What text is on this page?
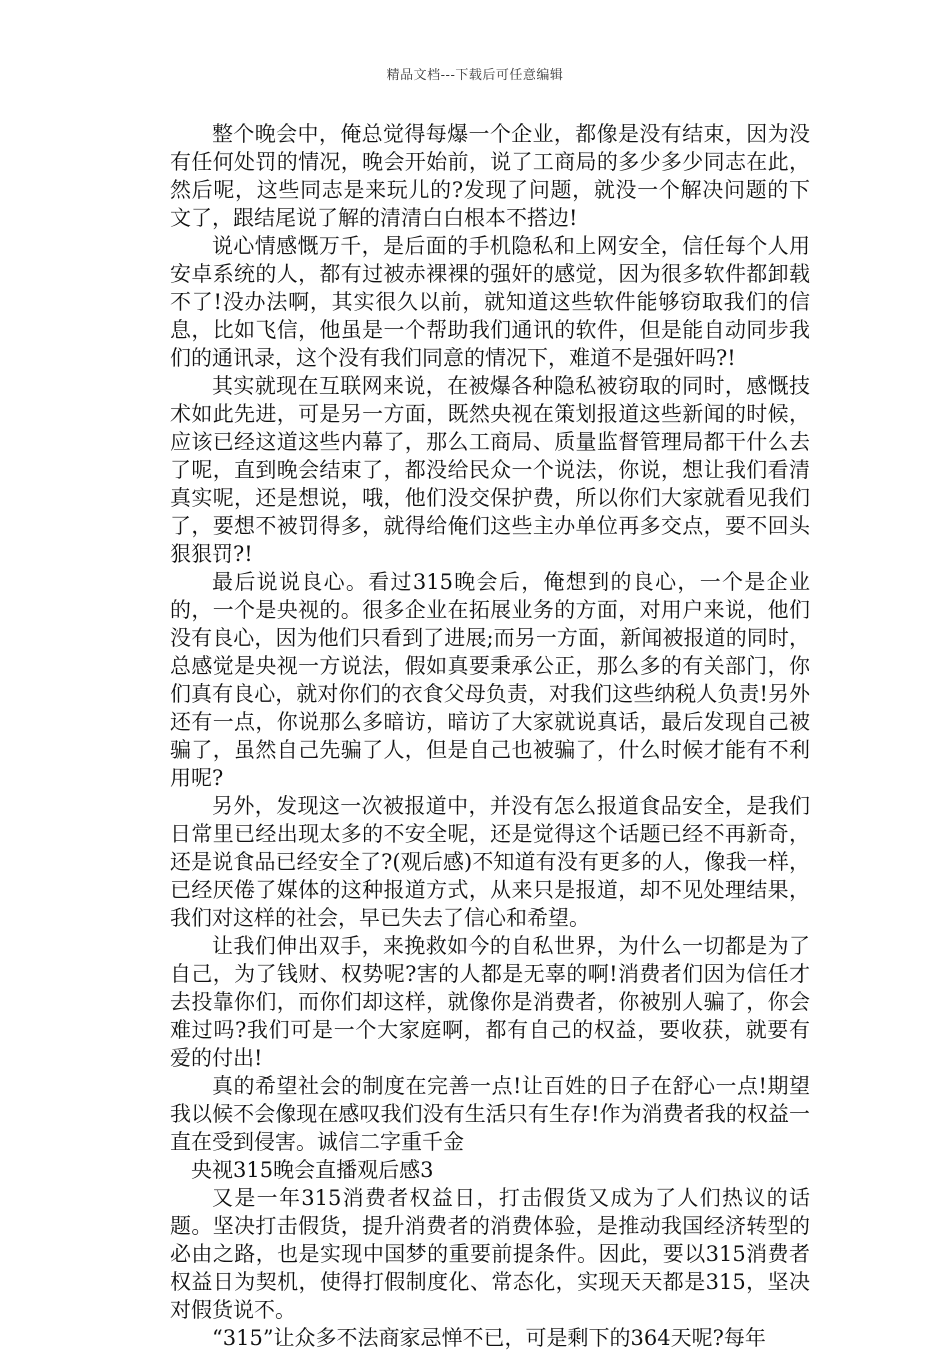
精品文档---下载后可任意编辑

整个晚会中，俺总觉得每爆一个企业，都像是没有结束，因为没有任何处罚的情况，晚会开始前，说了工商局的多少多少同志在此，然后呢，这些同志是来玩儿的?发现了问题，就没一个解决问题的下文了，跟结尾说了解的清清白白根本不搭边!

说心情感慨万千，是后面的手机隐私和上网安全，信任每个人用安卓系统的人，都有过被赤裸裸的强奸的感觉，因为很多软件都卸载不了!没办法啊，其实很久以前，就知道这些软件能够窃取我们的信息，比如飞信，他虽是一个帮助我们通讯的软件，但是能自动同步我们的通讯录，这个没有我们同意的情况下，难道不是强奸吗?!

其实就现在互联网来说，在被爆各种隐私被窃取的同时，感慨技术如此先进，可是另一方面，既然央视在策划报道这些新闻的时候，应该已经这道这些内幕了，那么工商局、质量监督管理局都干什么去了呢，直到晚会结束了，都没给民众一个说法，你说，想让我们看清真实呢，还是想说，哦，他们没交保护费，所以你们大家就看见我们了，要想不被罚得多，就得给俺们这些主办单位再多交点，要不回头狠狠罚?!

最后说说良心。看过315晚会后，俺想到的良心，一个是企业的，一个是央视的。很多企业在拓展业务的方面，对用户来说，他们没有良心，因为他们只看到了进展;而另一方面，新闻被报道的同时，总感觉是央视一方说法，假如真要秉承公正，那么多的有关部门，你们真有良心，就对你们的衣食父母负责，对我们这些纳税人负责!另外还有一点，你说那么多暗访，暗访了大家就说真话，最后发现自己被骗了，虽然自己先骗了人，但是自己也被骗了，什么时候才能有不利用呢?

另外，发现这一次被报道中，并没有怎么报道食品安全，是我们日常里已经出现太多的不安全呢，还是觉得这个话题已经不再新奇，还是说食品已经安全了?(观后感)不知道有没有更多的人，像我一样，已经厌倦了媒体的这种报道方式，从来只是报道，却不见处理结果，我们对这样的社会，早已失去了信心和希望。

让我们伸出双手，来挽救如今的自私世界，为什么一切都是为了自己，为了钱财、权势呢?害的人都是无辜的啊!消费者们因为信任才去投靠你们，而你们却这样，就像你是消费者，你被别人骗了，你会难过吗?我们可是一个大家庭啊，都有自己的权益，要收获，就要有爱的付出!

真的希望社会的制度在完善一点!让百姓的日子在舒心一点!期望我以候不会像现在感叹我们没有生活只有生存!作为消费者我的权益一直在受到侵害。诚信二字重千金

央视315晚会直播观后感3

又是一年315消费者权益日，打击假货又成为了人们热议的话题。坚决打击假货，提升消费者的消费体验，是推动我国经济转型的必由之路，也是实现中国梦的重要前提条件。因此，要以315消费者权益日为契机，使得打假制度化、常态化，实现天天都是315，坚决对假货说不。

“315”让众多不法商家忌惮不已，可是剩下的364天呢?每年
